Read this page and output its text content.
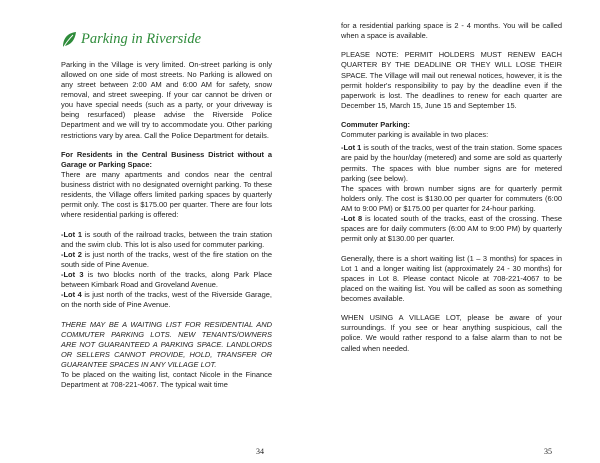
Parking in Riverside

Parking in the Village is very limited. On-street parking is only allowed on one side of most streets. No Parking is allowed on any street between 2:00 AM and 6:00 AM for safety, snow removal, and street sweeping. If your car cannot be driven or you have special needs (such as a party, or your driveway is being resurfaced) please advise the Riverside Police Department and we will try to accommodate you. Other parking restrictions vary by area. Call the Police Department for details.

For Residents in the Central Business District without a Garage or Parking Space:

There are many apartments and condos near the central business district with no designated overnight parking. To these residents, the Village offers limited parking spaces by quarterly permit only. The cost is $175.00 per quarter. There are four lots where residential parking is offered:

-Lot 1 is south of the railroad tracks, between the train station and the swim club. This lot is also used for commuter parking.

-Lot 2 is just north of the tracks, west of the fire station on the south side of Pine Avenue.

-Lot 3 is two blocks north of the tracks, along Park Place between Kimbark Road and Groveland Avenue.

-Lot 4 is just north of the tracks, west of the Riverside Garage, on the north side of Pine Avenue.

THERE MAY BE A WAITING LIST FOR RESIDENTIAL AND COMMUTER PARKING LOTS. NEW TENANTS/OWNERS ARE NOT GUARANTEED A PARKING SPACE. LANDLORDS OR SELLERS CANNOT PROVIDE, HOLD, TRANSFER OR GUARANTEE SPACES IN ANY VILLAGE LOT.

To be placed on the waiting list, contact Nicole in the Finance Department at 708-221-4067. The typical wait time

34

for a residential parking space is 2 - 4 months. You will be called when a space is available.

PLEASE NOTE: PERMIT HOLDERS MUST RENEW EACH QUARTER BY THE DEADLINE OR THEY WILL LOSE THEIR SPACE. The Village will mail out renewal notices, however, it is the permit holder's responsibility to pay by the deadline even if the paperwork is lost. The deadlines to renew for each quarter are December 15, March 15, June 15 and September 15.

Commuter Parking:

Commuter parking is available in two places:

-Lot 1 is south of the tracks, west of the train station. Some spaces are paid by the hour/day (metered) and some are sold as quarterly permits. The spaces with blue number signs are for metered parking (see below).

The spaces with brown number signs are for quarterly permit holders only. The cost is $130.00 per quarter for commuters (6:00 AM to 9:00 PM) or $175.00 per quarter for 24-hour parking.

-Lot 8 is located south of the tracks, east of the crossing. These spaces are for daily commuters (6:00 AM to 9:00 PM) by quarterly permit only at $130.00 per quarter.

Generally, there is a short waiting list (1 – 3 months) for spaces in Lot 1 and a longer waiting list (approximately 24 - 30 months) for spaces in Lot 8. Please contact Nicole at 708-221-4067 to be placed on the waiting list. You will be called as soon as something becomes available.

WHEN USING A VILLAGE LOT, please be aware of your surroundings. If you see or hear anything suspicious, call the police. We would rather respond to a false alarm than to not be called when needed.

35
